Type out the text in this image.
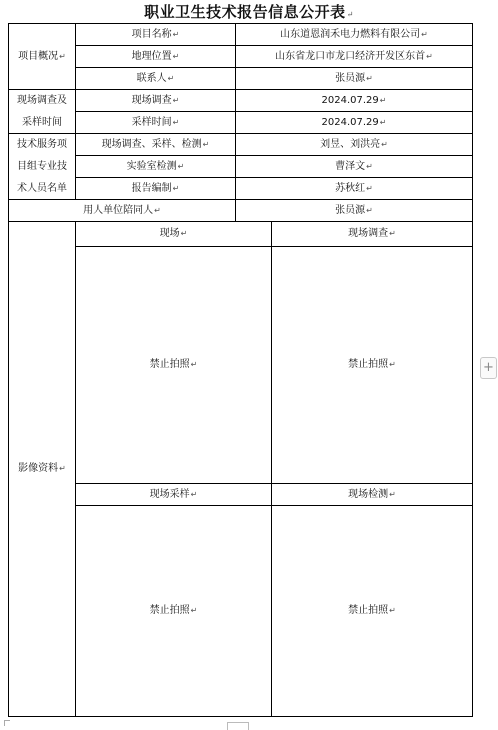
职业卫生技术报告信息公开表↵
项目概况 ↵
项目名称 ↵	山东道恩润禾电力燃料有限公司 ↵
地理位置 ↵	山东省龙口市龙口经济开发区东首 ↵
联系人 ↵	张员源 ↵
现场调查及
采样时间
现场调查 ↵	2024.07.29 ↵
采样时间 ↵	2024.07.29 ↵
技术服务项
目组专业技
术人员名单
现场调查、采样、检测 ↵	刘昱、刘洪亮 ↵
实验室检测 ↵	曹泽文 ↵
报告编制 ↵	苏秋红 ↵
用人单位陪同人 ↵	张员源 ↵
影像资料 ↵
现场 ↵	现场调查 ↵
禁止拍照 ↵	禁止拍照 ↵
现场采样 ↵	现场检测 ↵
禁止拍照 ↵	禁止拍照 ↵
+
